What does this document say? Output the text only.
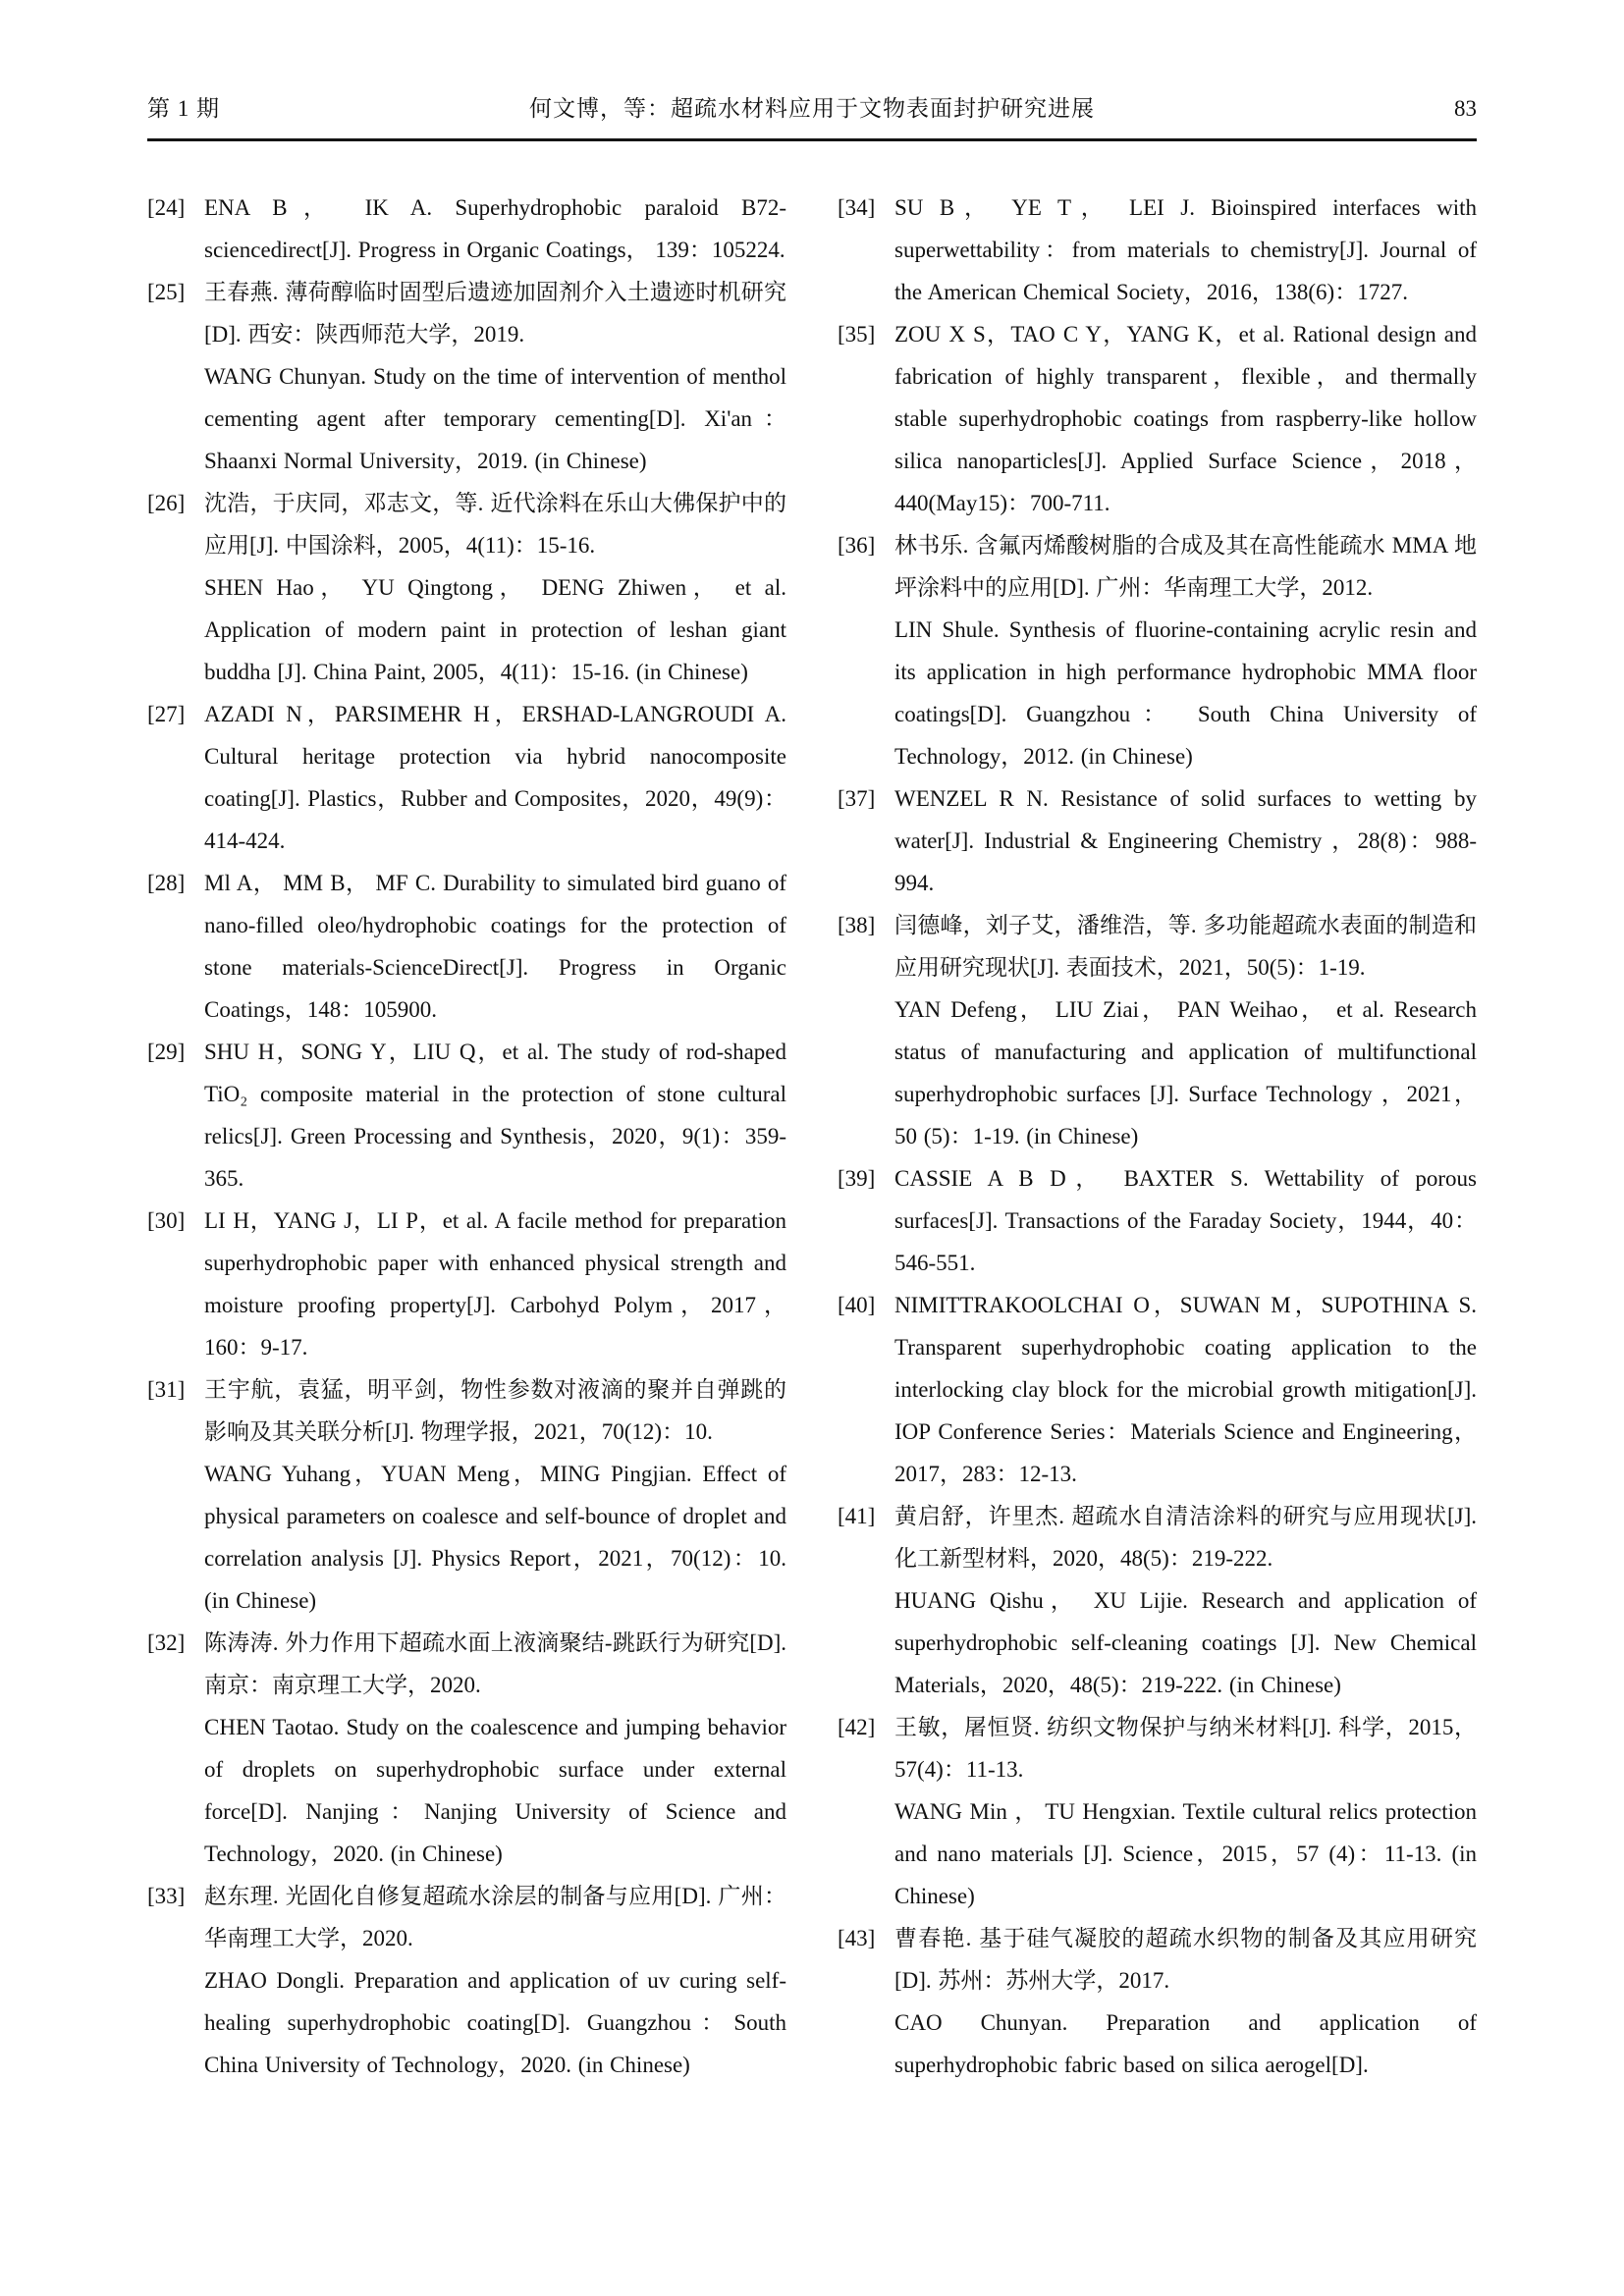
第 1 期	何文博，等：超疏水材料应用于文物表面封护研究进展	83
[24] ENA B， IK A. Superhydrophobic paraloid B72-sciencedirect[J]. Progress in Organic Coatings， 139：105224.

[25] 王春燕. 薄荷醇临时固型后遗迹加固剂介入土遗迹时机研究[D]. 西安：陕西师范大学，2019.

WANG Chunyan. Study on the time of intervention of menthol cementing agent after temporary cementing[D]. Xi'an：Shaanxi Normal University，2019. (in Chinese)

[26] 沈浩，于庆同，邓志文，等. 近代涂料在乐山大佛保护中的应用[J]. 中国涂料，2005，4(11)：15-16.

SHEN Hao， YU Qingtong， DENG Zhiwen， et al. Application of modern paint in protection of leshan giant buddha [J]. China Paint, 2005，4(11)：15-16. (in Chinese)

[27] AZADI N，PARSIMEHR H，ERSHAD-LANGROUDI A. Cultural heritage protection via hybrid nanocomposite coating[J]. Plastics，Rubber and Composites，2020，49(9)：414-424.

[28] Ml A， MM B， MF C. Durability to simulated bird guano of nano-filled oleo/hydrophobic coatings for the protection of stone materials-ScienceDirect[J]. Progress in Organic Coatings，148：105900.

[29] SHU H，SONG Y，LIU Q，et al. The study of rod-shaped TiO₂ composite material in the protection of stone cultural relics[J]. Green Processing and Synthesis，2020，9(1)：359-365.

[30] LI H，YANG J，LI P，et al. A facile method for preparation superhydrophobic paper with enhanced physical strength and moisture proofing property[J]. Carbohyd Polym，2017，160：9-17.

[31] 王宇航，袁猛，明平剑，物性参数对液滴的聚并自弹跳的影响及其关联分析[J]. 物理学报，2021，70(12)：10.

WANG Yuhang，YUAN Meng，MING Pingjian. Effect of physical parameters on coalesce and self-bounce of droplet and correlation analysis [J]. Physics Report，2021，70(12)：10. (in Chinese)

[32] 陈涛涛. 外力作用下超疏水面上液滴聚结-跳跃行为研究[D]. 南京：南京理工大学，2020.

CHEN Taotao. Study on the coalescence and jumping behavior of droplets on superhydrophobic surface under external force[D]. Nanjing：Nanjing University of Science and Technology，2020. (in Chinese)

[33] 赵东理. 光固化自修复超疏水涂层的制备与应用[D]. 广州：华南理工大学，2020.

ZHAO Dongli. Preparation and application of uv curing self-healing superhydrophobic coating[D]. Guangzhou：South China University of Technology，2020. (in Chinese)

[34] SU B， YE T， LEI J. Bioinspired interfaces with superwettability：from materials to chemistry[J]. Journal of the American Chemical Society，2016，138(6)：1727.

[35] ZOU X S，TAO C Y，YANG K，et al. Rational design and fabrication of highly transparent，flexible，and thermally stable superhydrophobic coatings from raspberry-like hollow silica nanoparticles[J]. Applied Surface Science，2018，440(May15)：700-711.

[36] 林书乐. 含氟丙烯酸树脂的合成及其在高性能疏水 MMA 地坪涂料中的应用[D]. 广州：华南理工大学，2012.

LIN Shule. Synthesis of fluorine-containing acrylic resin and its application in high performance hydrophobic MMA floor coatings[D]. Guangzhou： South China University of Technology，2012. (in Chinese)

[37] WENZEL R N. Resistance of solid surfaces to wetting by water[J]. Industrial & Engineering Chemistry ，28(8)：988-994.

[38] 闫德峰，刘子艾，潘维浩，等. 多功能超疏水表面的制造和应用研究现状[J]. 表面技术，2021，50(5)：1-19.

YAN Defeng， LIU Ziai， PAN Weihao， et al. Research status of manufacturing and application of multifunctional superhydrophobic surfaces [J]. Surface Technology ，2021，50 (5)：1-19. (in Chinese)

[39] CASSIE A B D， BAXTER S. Wettability of porous surfaces[J]. Transactions of the Faraday Society，1944，40：546-551.

[40] NIMITTRAKOOLCHAI O，SUWAN M，SUPOTHINA S. Transparent superhydrophobic coating application to the interlocking clay block for the microbial growth mitigation[J]. IOP Conference Series：Materials Science and Engineering，2017，283：12-13.

[41] 黄启舒，许里杰. 超疏水自清洁涂料的研究与应用现状[J]. 化工新型材料，2020，48(5)：219-222.

HUANG Qishu， XU Lijie. Research and application of superhydrophobic self-cleaning coatings [J]. New Chemical Materials，2020，48(5)：219-222. (in Chinese)

[42] 王敏，屠恒贤. 纺织文物保护与纳米材料[J]. 科学，2015，57(4)：11-13.

WANG Min ， TU Hengxian. Textile cultural relics protection and nano materials [J]. Science，2015，57 (4)：11-13. (in Chinese)

[43] 曹春艳. 基于硅气凝胶的超疏水织物的制备及其应用研究[D]. 苏州：苏州大学，2017.

CAO Chunyan. Preparation and application of superhydrophobic fabric based on silica aerogel[D].
